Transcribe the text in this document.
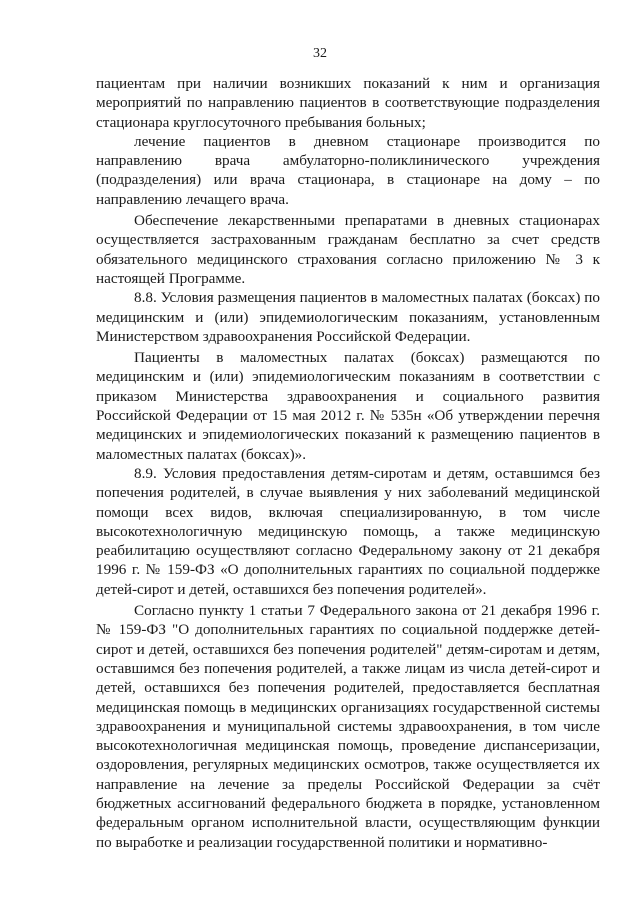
32

пациентам при наличии возникших показаний к ним и организация мероприятий по направлению пациентов в соответствующие подразделения стационара круглосуточного пребывания больных;

лечение пациентов в дневном стационаре производится по направлению врача амбулаторно-поликлинического учреждения (подразделения) или врача стационара, в стационаре на дому – по направлению лечащего врача.

Обеспечение лекарственными препаратами в дневных стационарах осуществляется застрахованным гражданам бесплатно за счет средств обязательного медицинского страхования согласно приложению № 3 к настоящей Программе.

8.8. Условия размещения пациентов в маломестных палатах (боксах) по медицинским и (или) эпидемиологическим показаниям, установленным Министерством здравоохранения Российской Федерации.

Пациенты в маломестных палатах (боксах) размещаются по медицинским и (или) эпидемиологическим показаниям в соответствии с приказом Министерства здравоохранения и социального развития Российской Федерации от 15 мая 2012 г. № 535н «Об утверждении перечня медицинских и эпидемиологических показаний к размещению пациентов в маломестных палатах (боксах)».

8.9. Условия предоставления детям-сиротам и детям, оставшимся без попечения родителей, в случае выявления у них заболеваний медицинской помощи всех видов, включая специализированную, в том числе высокотехнологичную медицинскую помощь, а также медицинскую реабилитацию осуществляют согласно Федеральному закону от 21 декабря 1996 г. № 159-ФЗ «О дополнительных гарантиях по социальной поддержке детей-сирот и детей, оставшихся без попечения родителей».

Согласно пункту 1 статьи 7 Федерального закона от 21 декабря 1996 г. № 159-ФЗ "О дополнительных гарантиях по социальной поддержке детей-сирот и детей, оставшихся без попечения родителей" детям-сиротам и детям, оставшимся без попечения родителей, а также лицам из числа детей-сирот и детей, оставшихся без попечения родителей, предоставляется бесплатная медицинская помощь в медицинских организациях государственной системы здравоохранения и муниципальной системы здравоохранения, в том числе высокотехнологичная медицинская помощь, проведение диспансеризации, оздоровления, регулярных медицинских осмотров, также осуществляется их направление на лечение за пределы Российской Федерации за счёт бюджетных ассигнований федерального бюджета в порядке, установленном федеральным органом исполнительной власти, осуществляющим функции по выработке и реализации государственной политики и нормативно-
